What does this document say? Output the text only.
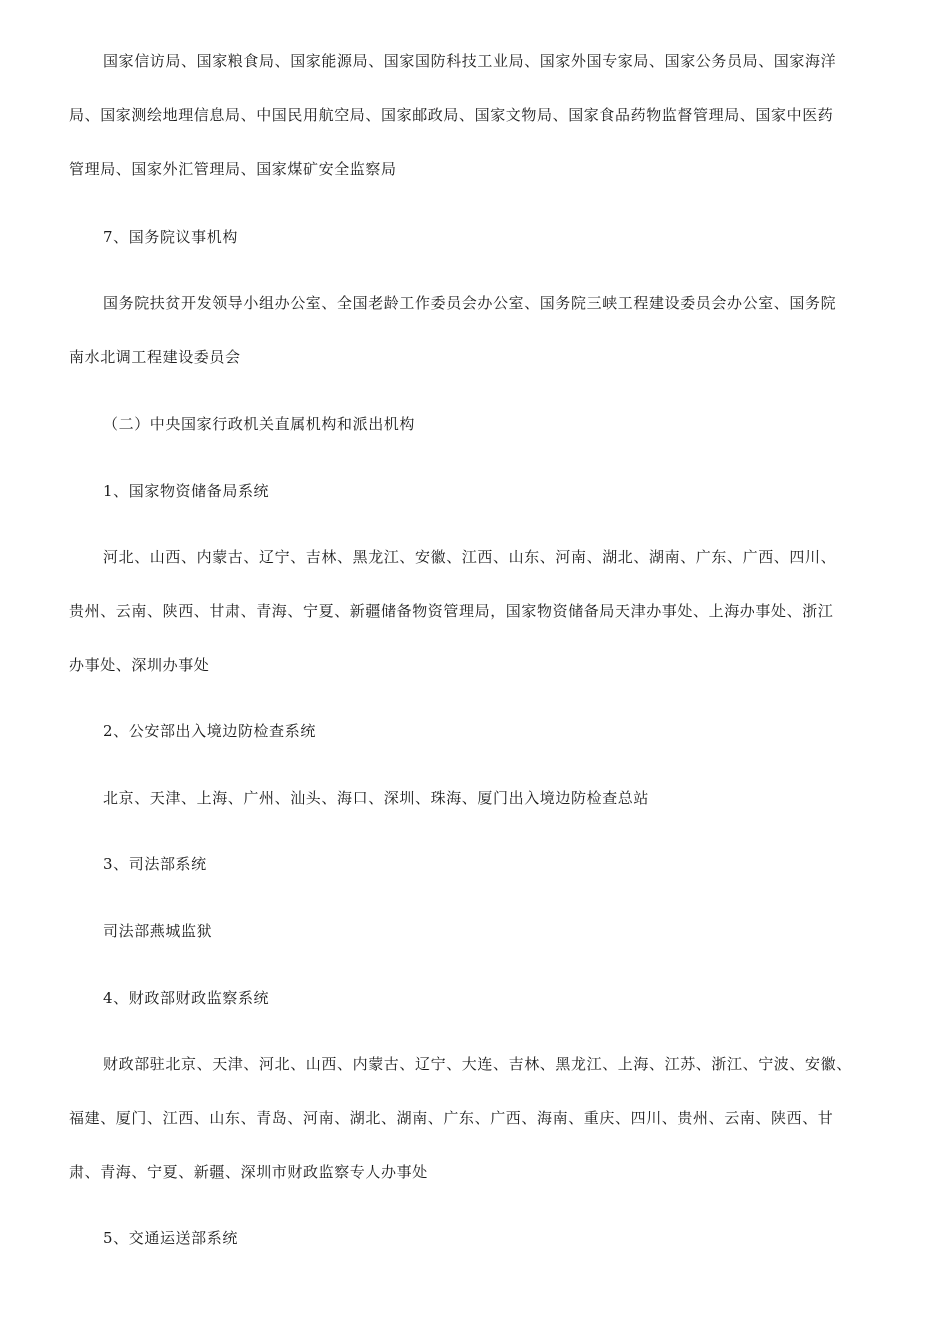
国家信访局、国家粮食局、国家能源局、国家国防科技工业局、国家外国专家局、国家公务员局、国家海洋
局、国家测绘地理信息局、中国民用航空局、国家邮政局、国家文物局、国家食品药物监督管理局、国家中医药
管理局、国家外汇管理局、国家煤矿安全监察局
7、国务院议事机构
国务院扶贫开发领导小组办公室、全国老龄工作委员会办公室、国务院三峡工程建设委员会办公室、国务院
南水北调工程建设委员会
（二）中央国家行政机关直属机构和派出机构
1、国家物资储备局系统
河北、山西、内蒙古、辽宁、吉林、黑龙江、安徽、江西、山东、河南、湖北、湖南、广东、广西、四川、
贵州、云南、陕西、甘肃、青海、宁夏、新疆储备物资管理局，国家物资储备局天津办事处、上海办事处、浙江
办事处、深圳办事处
2、公安部出入境边防检查系统
北京、天津、上海、广州、汕头、海口、深圳、珠海、厦门出入境边防检查总站
3、司法部系统
司法部燕城监狱
4、财政部财政监察系统
财政部驻北京、天津、河北、山西、内蒙古、辽宁、大连、吉林、黑龙江、上海、江苏、浙江、宁波、安徽、
福建、厦门、江西、山东、青岛、河南、湖北、湖南、广东、广西、海南、重庆、四川、贵州、云南、陕西、甘
肃、青海、宁夏、新疆、深圳市财政监察专人办事处
5、交通运送部系统
